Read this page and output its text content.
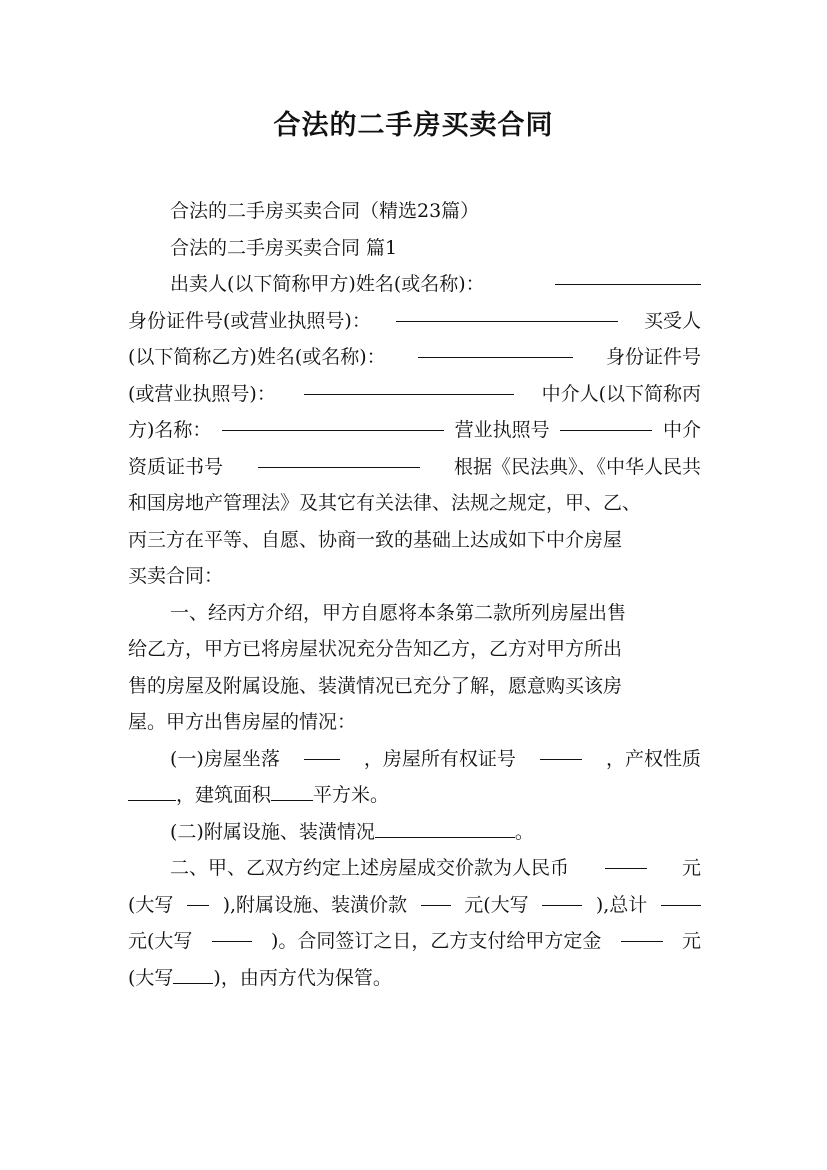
合法的二手房买卖合同
合法的二手房买卖合同（精选23篇）
合法的二手房买卖合同 篇1
出卖人(以下简称甲方)姓名(或名称)：
身份证件号(或营业执照号)：	买受人
(以下简称乙方)姓名(或名称)：	身份证件号
(或营业执照号)：	中介人(以下简称丙
方)名称：	营业执照号	中介
资质证书号	根据《民法典》、《中华人民共
和国房地产管理法》及其它有关法律、法规之规定，甲、乙、
丙三方在平等、自愿、协商一致的基础上达成如下中介房屋
买卖合同：
一、经丙方介绍，甲方自愿将本条第二款所列房屋出售
给乙方，甲方已将房屋状况充分告知乙方，乙方对甲方所出
售的房屋及附属设施、装潢情况已充分了解，愿意购买该房
屋。甲方出售房屋的情况：
(一)房屋坐落	，房屋所有权证号	，产权性质
，建筑面积 平方米。
(二)附属设施、装潢情况	。
二、甲、乙双方约定上述房屋成交价款为人民币	元
(大写	),附属设施、装潢价款	元(大写	),总计
元(大写	)。合同签订之日，乙方支付给甲方定金	元
(大写 )，由丙方代为保管。
